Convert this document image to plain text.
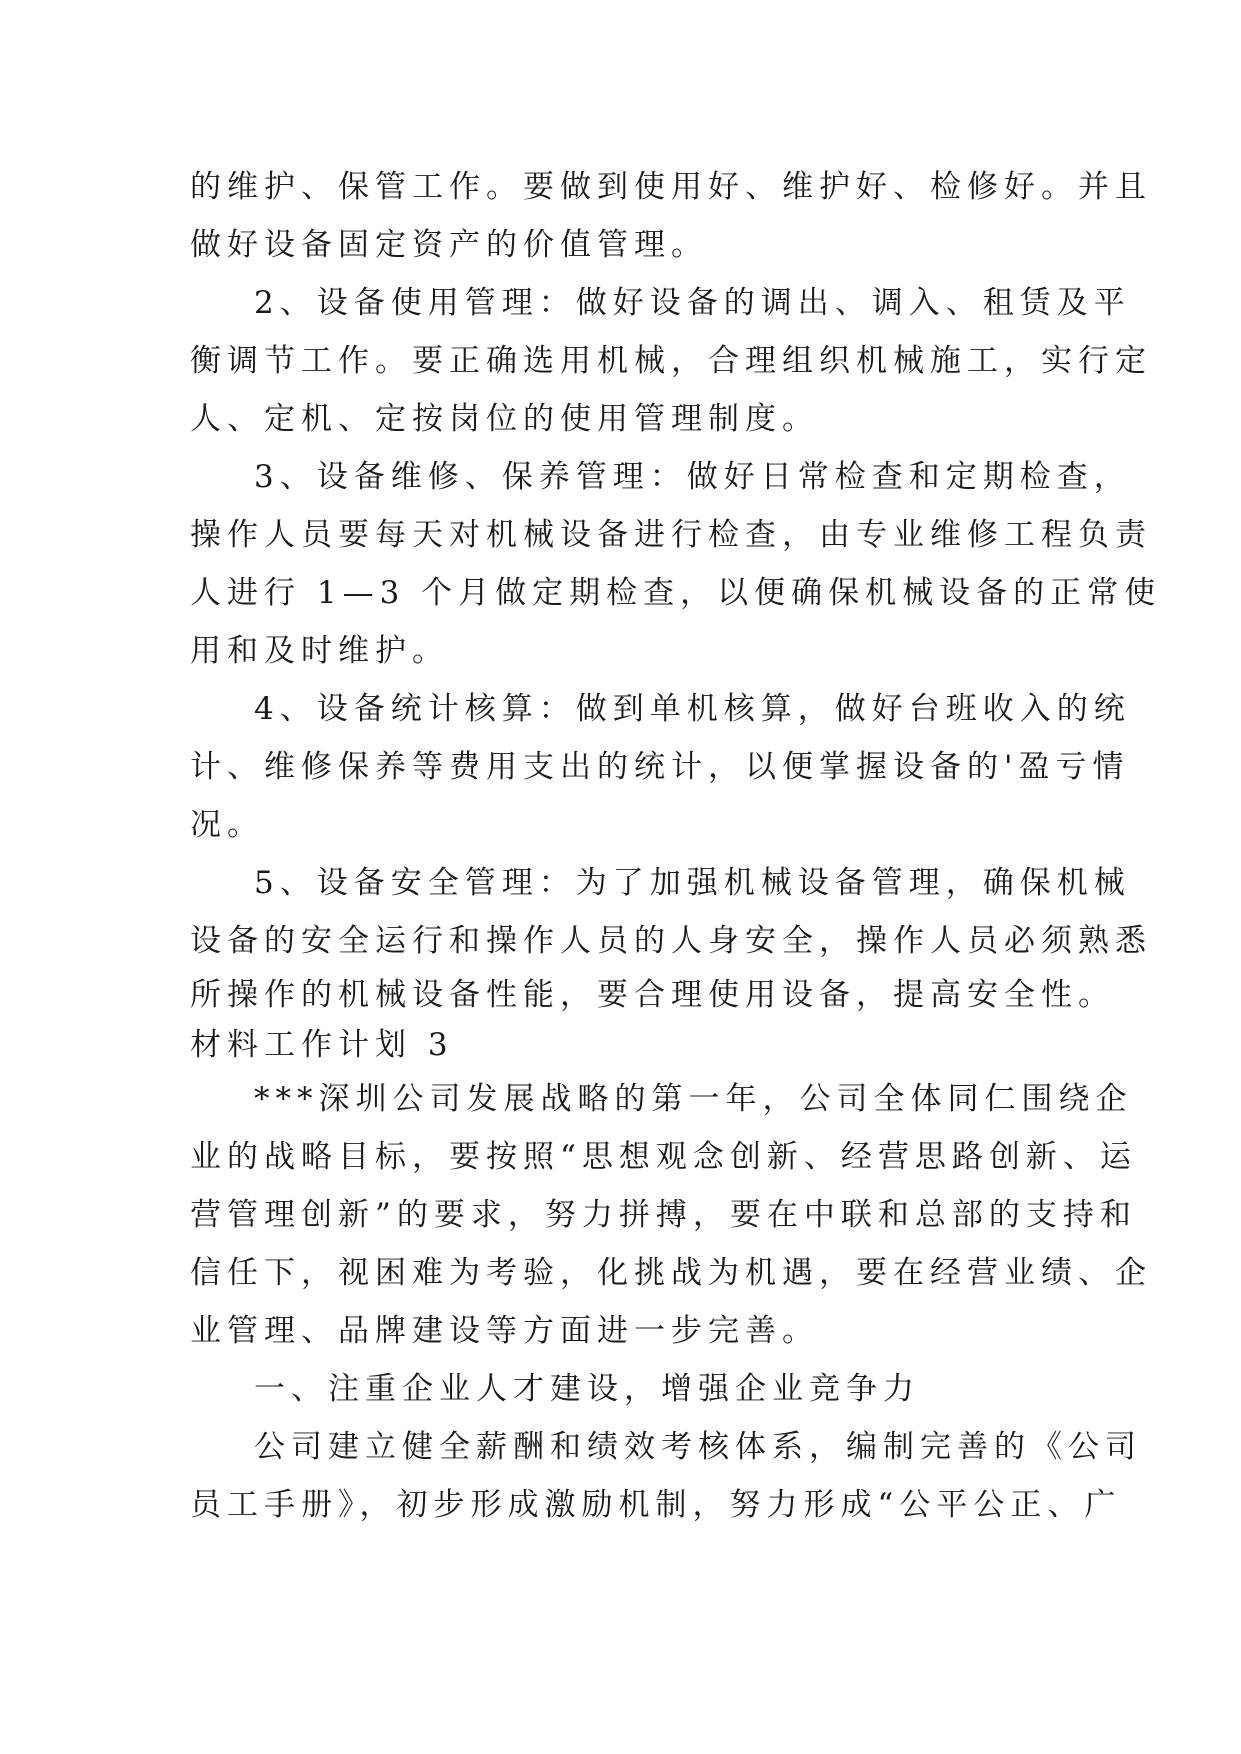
的维护、保管工作。要做到使用好、维护好、检修好。并且
做好设备固定资产的价值管理。
2、设备使用管理：做好设备的调出、调入、租赁及平
衡调节工作。要正确选用机械，合理组织机械施工，实行定
人、定机、定按岗位的使用管理制度。
3、设备维修、保养管理：做好日常检查和定期检查，
操作人员要每天对机械设备进行检查，由专业维修工程负责
人进行 1—3 个月做定期检查，以便确保机械设备的正常使
用和及时维护。
4、设备统计核算：做到单机核算，做好台班收入的统
计、维修保养等费用支出的统计，以便掌握设备的'盈亏情
况。
5、设备安全管理：为了加强机械设备管理，确保机械
设备的安全运行和操作人员的人身安全，操作人员必须熟悉
所操作的机械设备性能，要合理使用设备，提高安全性。
材料工作计划 3
***深圳公司发展战略的第一年，公司全体同仁围绕企
业的战略目标，要按照“思想观念创新、经营思路创新、运
营管理创新”的要求，努力拼搏，要在中联和总部的支持和
信任下，视困难为考验，化挑战为机遇，要在经营业绩、企
业管理、品牌建设等方面进一步完善。
一、注重企业人才建设，增强企业竞争力
公司建立健全薪酬和绩效考核体系，编制完善的《公司
员工手册》，初步形成激励机制，努力形成“公平公正、广
